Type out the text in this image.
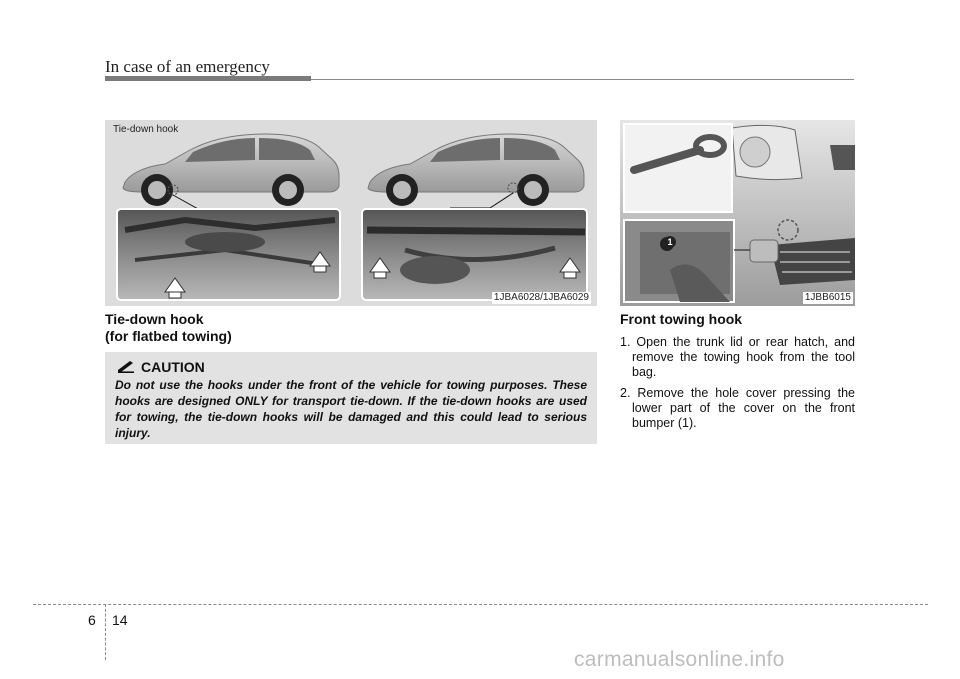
In case of an emergency
Tie-down hook
1JBA6028/1JBA6029
1
1JBB6015
Tie-down hook
(for flatbed towing)
CAUTION

Do not use the hooks under the front of the vehicle for towing purposes. These hooks are designed ONLY for transport tie-down. If the tie-down hooks are used for towing, the tie-down hooks will be damaged and this could lead to serious injury.

Front towing hook
1. Open the trunk lid or rear hatch, and remove the towing hook from the tool bag.
2. Remove the hole cover pressing the lower part of the cover on the front bumper (1).
6 14
carmanualsonline.info
